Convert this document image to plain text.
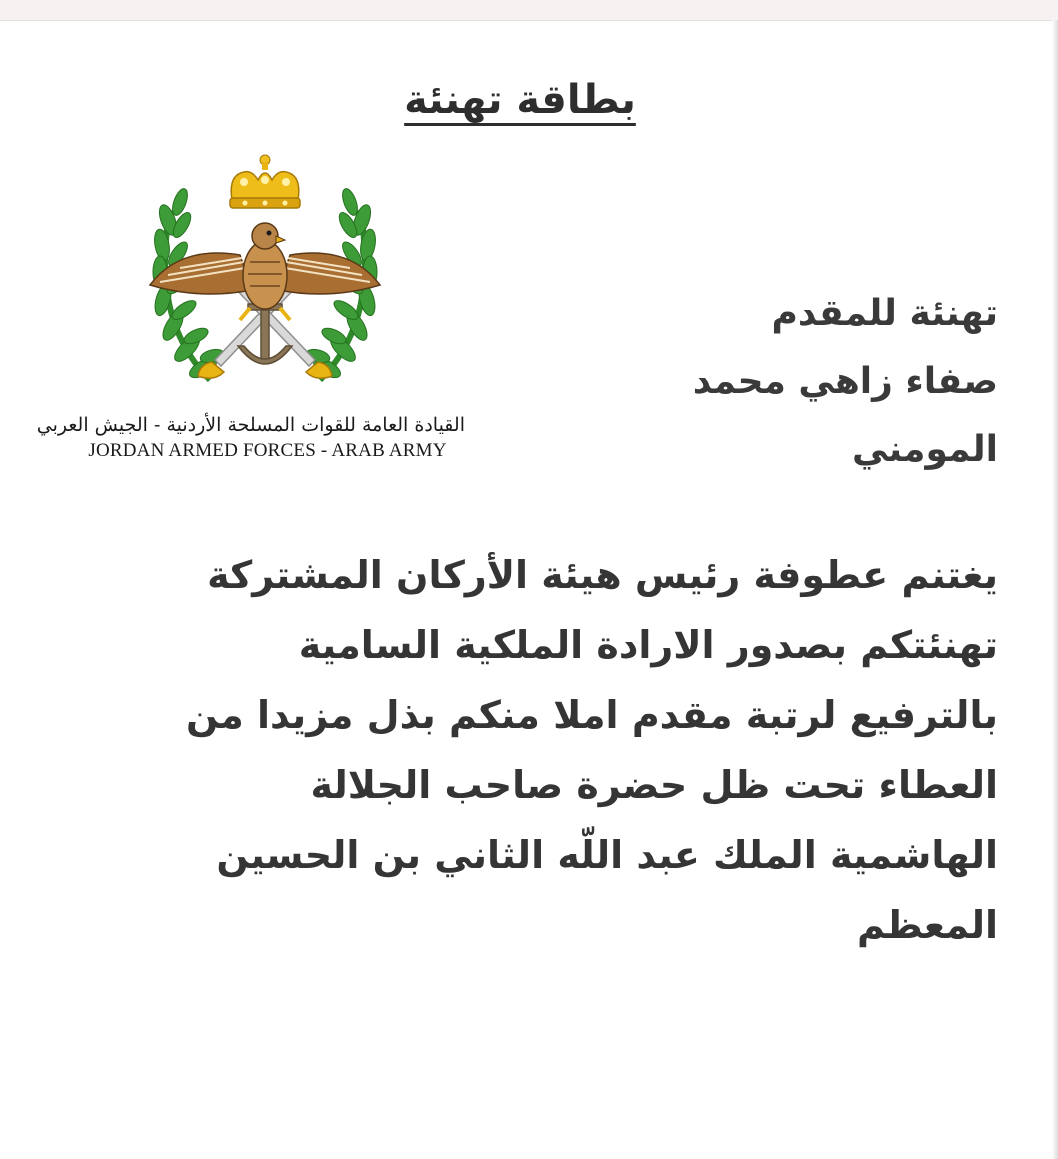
بطاقة تهنئة
القيادة العامة للقوات المسلحة الأردنية - الجيش العربي
JORDAN ARMED FORCES - ARAB ARMY
تهنئة للمقدم
صفاء زاهي محمد
المومني
يغتنم عطوفة رئيس هيئة الأركان المشتركة
تهنئتكم بصدور الارادة الملكية السامية
بالترفيع لرتبة مقدم املا منكم بذل مزيدا من
العطاء تحت ظل حضرة صاحب الجلالة
الهاشمية الملك عبد اللّه الثاني بن الحسين
المعظم
